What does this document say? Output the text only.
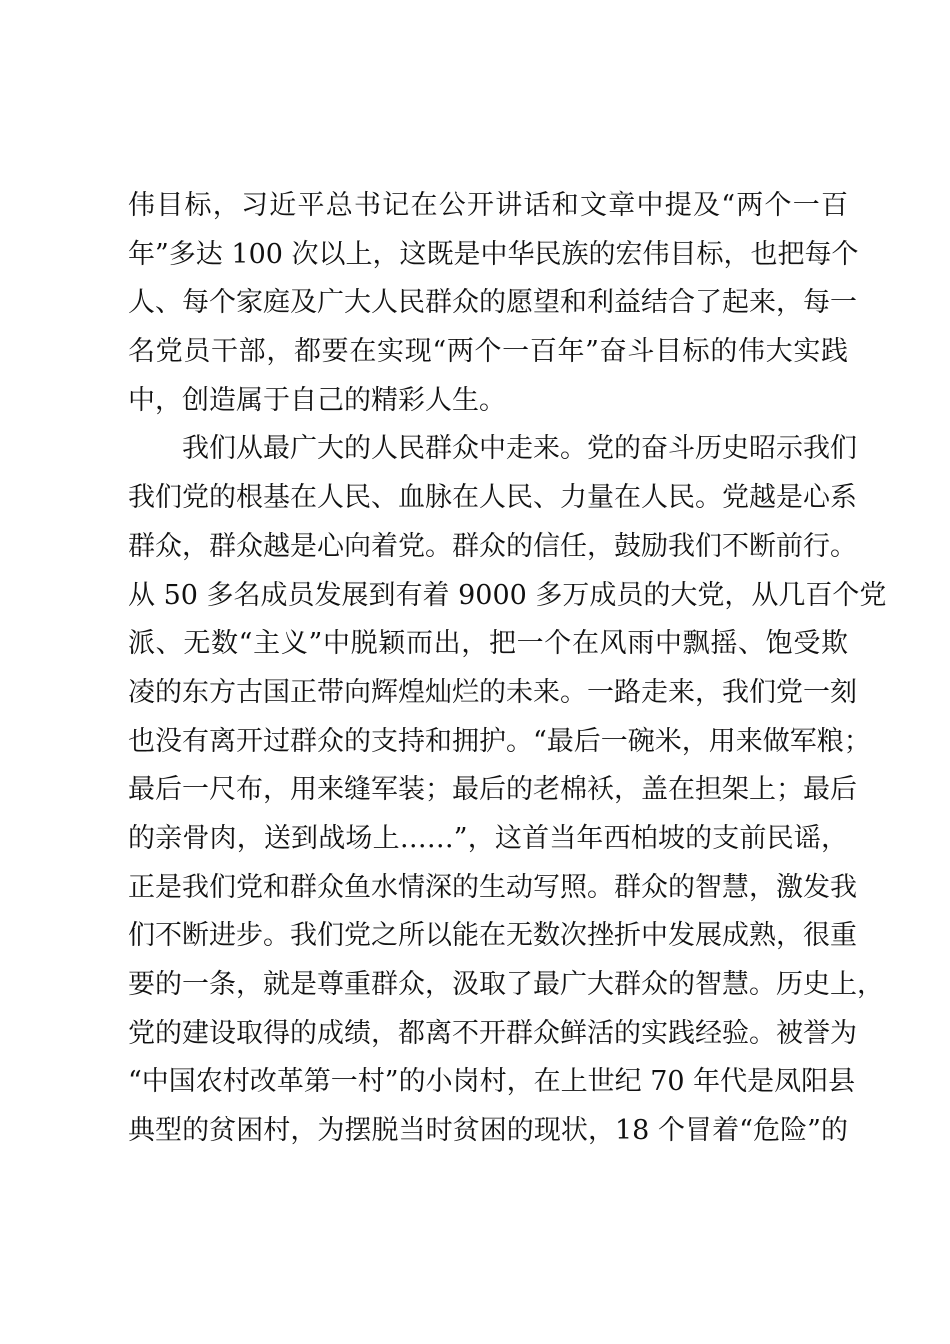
伟目标，习近平总书记在公开讲话和文章中提及“两个一百
年”多达 100 次以上，这既是中华民族的宏伟目标，也把每个
人、每个家庭及广大人民群众的愿望和利益结合了起来，每一
名党员干部，都要在实现“两个一百年”奋斗目标的伟大实践
中，创造属于自己的精彩人生。
我们从最广大的人民群众中走来。党的奋斗历史昭示我们
我们党的根基在人民、血脉在人民、力量在人民。党越是心系
群众，群众越是心向着党。群众的信任，鼓励我们不断前行。
从 50 多名成员发展到有着 9000 多万成员的大党，从几百个党
派、无数“主义”中脱颖而出，把一个在风雨中飘摇、饱受欺
凌的东方古国正带向辉煌灿烂的未来。一路走来，我们党一刻
也没有离开过群众的支持和拥护。“最后一碗米，用来做军粮；
最后一尺布，用来缝军装；最后的老棉袄，盖在担架上；最后
的亲骨肉，送到战场上……”，这首当年西柏坡的支前民谣，
正是我们党和群众鱼水情深的生动写照。群众的智慧，激发我
们不断进步。我们党之所以能在无数次挫折中发展成熟，很重
要的一条，就是尊重群众，汲取了最广大群众的智慧。历史上，
党的建设取得的成绩，都离不开群众鲜活的实践经验。被誉为
“中国农村改革第一村”的小岗村，在上世纪 70 年代是凤阳县
典型的贫困村，为摆脱当时贫困的现状，18 个冒着“危险”的
